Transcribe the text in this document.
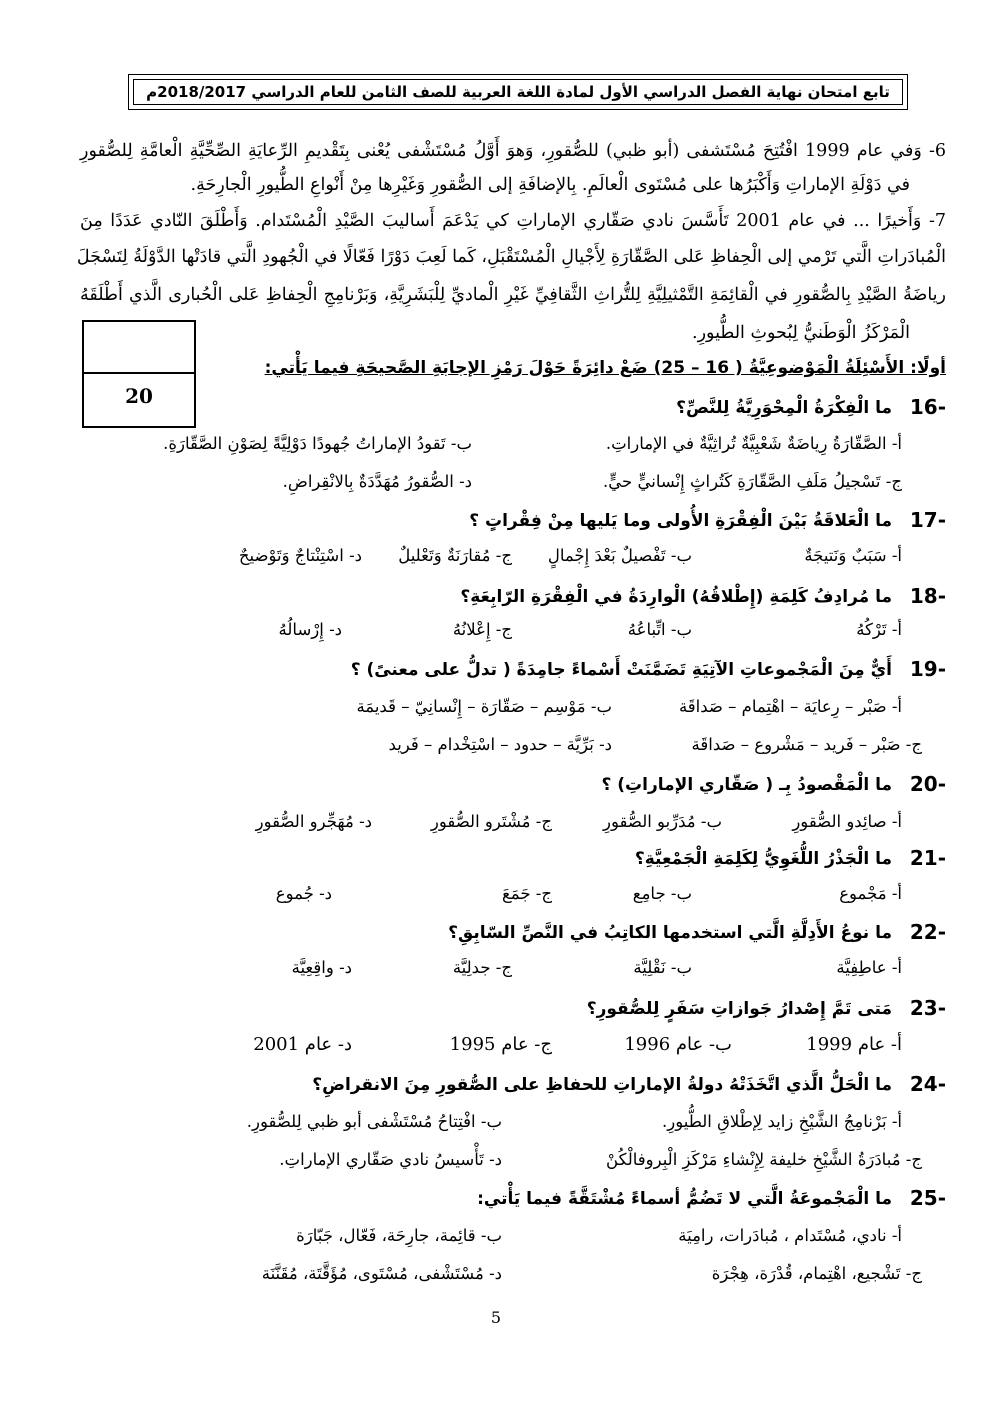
تابع امتحان نهاية الفصل الدراسي الأول لمادة اللغة العربية للصف الثامن للعام الدراسي 2018/2017م
6- وَفي عام 1999 افْتُتِحَ مُسْتَشفى (أبو ظبي) للصُّقورِ، وَهوَ أَوَّلُ مُسْتَشْفى يُعْنى بِتَقْديمِ الرِّعايَةِ الصِّحِّيَّةِ الْعامَّةِ لِلصُّقورِ
في دَوْلَةِ الإماراتِ وَأَكْبَرُها على مُسْتَوى الْعالَمِ. بِالإضافَةِ إلى الصُّقورِ وَغَيْرِها مِنْ أَنْواعِ الطُّيورِ الْجارِحَةِ.
7- وَأَخيرًا ... في عام 2001 تَأَسَّسَ نادي صَقّاري الإماراتِ كي يَدْعَمَ أَساليبَ الصَّيْدِ الْمُسْتَدام. وَأَطْلَقَ النّادي عَدَدًا مِنَ
الْمُبادَراتِ الَّتي تَرْمي إلى الْحِفاظِ عَلى الصَّقّارَةِ لِأَجْيالِ الْمُسْتَقْبَلِ، كَما لَعِبَ دَوْرًا فَعّالًا في الْجُهودِ الَّتي قادَتْها الدَّوْلَةُ لِتَسْجَلَ
رياضَةُ الصَّيْدِ بِالصُّقورِ في الْقائِمَةِ التَّمْثيلِيَّةِ لِلتُّراثِ الثَّقافِيِّ غَيْرِ الْماديِّ لِلْبَشَرِيَّةِ، وَبَرْنامِجِ الْحِفاظِ عَلى الْحُبارى الَّذي أَطْلَقَهُ
الْمَرْكَزُ الْوَطَنيُّ لِبُحوثِ الطُّيورِ.
20
أولًا: الأَسْئِلَةُ الْمَوْضوعِيَّةُ ( 16 – 25) ضَعْ دائِرَةً حَوْلَ رَمْزِ الإجابَةِ الصَّحيحَةِ فيما يَأْتي:
16-
ما الْفِكْرَةُ الْمِحْوَرِيَّةُ لِلنَّصِّ؟
أ- الصَّقّارَةُ رِياضَةٌ شَعْبِيَّةٌ تُراثِيَّةٌ في الإماراتِ.
ب- تَقودُ الإماراتُ جُهودًا دَوْلِيَّةً لِصَوْنِ الصَّقّارَةِ.
ج- تَسْجيلُ مَلَفِ الصَّقّارَةِ كَتُراثٍ إِنْسانيٍّ حيٍّ.
د- الصُّقورُ مُهَدَّدَةٌ بِالانْقِراضِ.
17-
ما الْعَلاقَةُ بَيْنَ الْفِقْرَةِ الأُولى وما يَليها مِنْ فِقْراتٍ ؟
أ- سَبَبٌ وَنَتيجَةٌ
ب- تَفْصيلٌ بَعْدَ إِجْمالٍ
ج- مُقارَنَةٌ وَتَعْليلٌ
د- اسْتِنْتاجٌ وَتَوْضيحٌ
18-
ما مُرادِفُ كَلِمَةِ (إِطْلاقُهُ) الْوارِدَةُ في الْفِقْرَةِ الرّابِعَةِ؟
أ- تَرْكُهُ
ب- اتِّباعُهُ
ج- إِعْلانُهُ
د- إِرْسالُهُ
19-
أَيٌّ مِنَ الْمَجْموعاتِ الآتِيَةِ تَضَمَّنَتْ أَسْماءً جامِدَةً ( تدلُّ على معنىً) ؟
أ- صَبْر – رِعايَة – اهْتِمام – صَداقَة
ب- مَوْسِم – صَقّارَة – إِنْسانِيّ – قَديمَة
ج- صَبْر – فَريد – مَشْروع – صَداقَة
د- بَرِّيَّة – حدود – اسْتِخْدام – فَريد
20-
ما الْمَقْصودُ بِـ ( صَقّاري الإماراتِ) ؟
أ- صائِدو الصُّقورِ
ب- مُدَرِّبو الصُّقورِ
ج- مُشْتَرو الصُّقورِ
د- مُهَجِّرو الصُّقورِ
21-
ما الْجَذْرُ اللُّغَوِيُّ لِكَلِمَةِ الْجَمْعِيَّةِ؟
أ- مَجْموع
ب- جامِع
ج- جَمَعَ
د- جُموع
22-
ما نوعُ الأَدِلَّةِ الَّتي استخدمها الكاتِبُ في النَّصِّ السّابِقِ؟
أ- عاطِفِيَّة
ب- نَقْلِيَّة
ج- جدلِيَّة
د- واقِعِيَّة
23-
مَتى تَمَّ إِصْدارُ جَوازاتِ سَفَرٍ لِلصُّقورِ؟
أ- عام 1999
ب- عام 1996
ج- عام 1995
د- عام 2001
24-
ما الْحَلُّ الَّذي اتَّخَذَتْهُ دولةُ الإماراتِ للحفاظِ على الصُّقورِ مِنَ الانقراضِ؟
أ- بَرْنامِجُ الشَّيْخِ زايد لِإطْلاقِ الطُّيورِ.
ب- افْتِتاحُ مُسْتَشْفى أبو ظبي لِلصُّقورِ.
ج- مُبادَرَةُ الشَّيْخِ خليفة لِإِنْشاءِ مَرْكَزِ الْبِروفالْكُنْ
د- تَأْسيسُ نادي صَقّاري الإماراتِ.
25-
ما الْمَجْموعَةُ الَّتي لا تَضُمُّ أسماءً مُشْتَقَّةً فيما يَأْتي:
أ- نادي، مُسْتَدام ، مُبادَرات، رامِيَة
ب- قائِمة، جارِحَة، فَعّال، جَبّارَة
ج- تَشْجيع، اهْتِمام، قُدْرَة، هِجْرَة
د- مُسْتَشْفى، مُسْتَوى، مُؤَقَّتَة، مُقَنَّنَة
5
